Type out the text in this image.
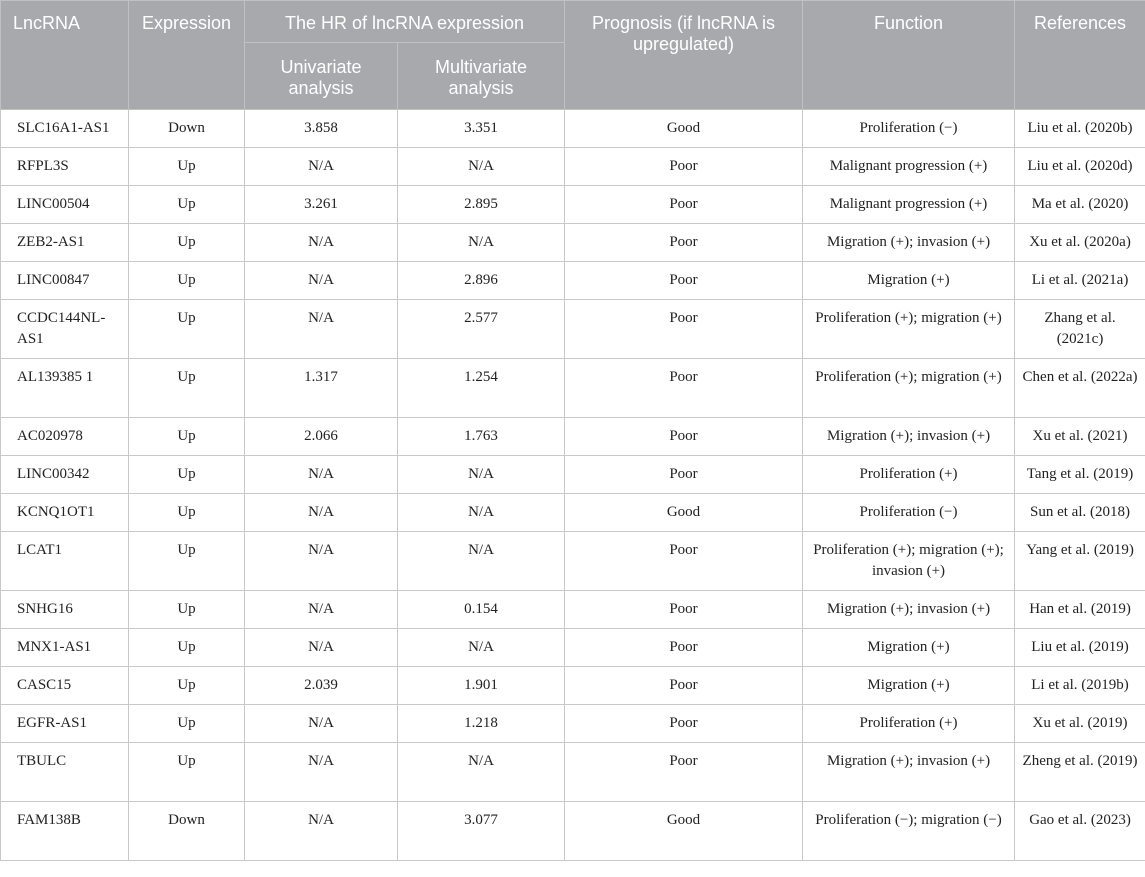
LncRNA	Expression	The HR of lncRNA expression		Prognosis (if lncRNA is upregulated)	Function	References
		Univariate analysis	Multivariate analysis			
SLC16A1-AS1	Down	3.858	3.351	Good	Proliferation (−)	Liu et al. (2020b)
RFPL3S	Up	N/A	N/A	Poor	Malignant progression (+)	Liu et al. (2020d)
LINC00504	Up	3.261	2.895	Poor	Malignant progression (+)	Ma et al. (2020)
ZEB2-AS1	Up	N/A	N/A	Poor	Migration (+); invasion (+)	Xu et al. (2020a)
LINC00847	Up	N/A	2.896	Poor	Migration (+)	Li et al. (2021a)
CCDC144NL-AS1	Up	N/A	2.577	Poor	Proliferation (+); migration (+)	Zhang et al. (2021c)
AL139385 1	Up	1.317	1.254	Poor	Proliferation (+); migration (+)	Chen et al. (2022a)
AC020978	Up	2.066	1.763	Poor	Migration (+); invasion (+)	Xu et al. (2021)
LINC00342	Up	N/A	N/A	Poor	Proliferation (+)	Tang et al. (2019)
KCNQ1OT1	Up	N/A	N/A	Good	Proliferation (−)	Sun et al. (2018)
LCAT1	Up	N/A	N/A	Poor	Proliferation (+); migration (+); invasion (+)	Yang et al. (2019)
SNHG16	Up	N/A	0.154	Poor	Migration (+); invasion (+)	Han et al. (2019)
MNX1-AS1	Up	N/A	N/A	Poor	Migration (+)	Liu et al. (2019)
CASC15	Up	2.039	1.901	Poor	Migration (+)	Li et al. (2019b)
EGFR-AS1	Up	N/A	1.218	Poor	Proliferation (+)	Xu et al. (2019)
TBULC	Up	N/A	N/A	Poor	Migration (+); invasion (+)	Zheng et al. (2019)
FAM138B	Down	N/A	3.077	Good	Proliferation (−); migration (−)	Gao et al. (2023)
